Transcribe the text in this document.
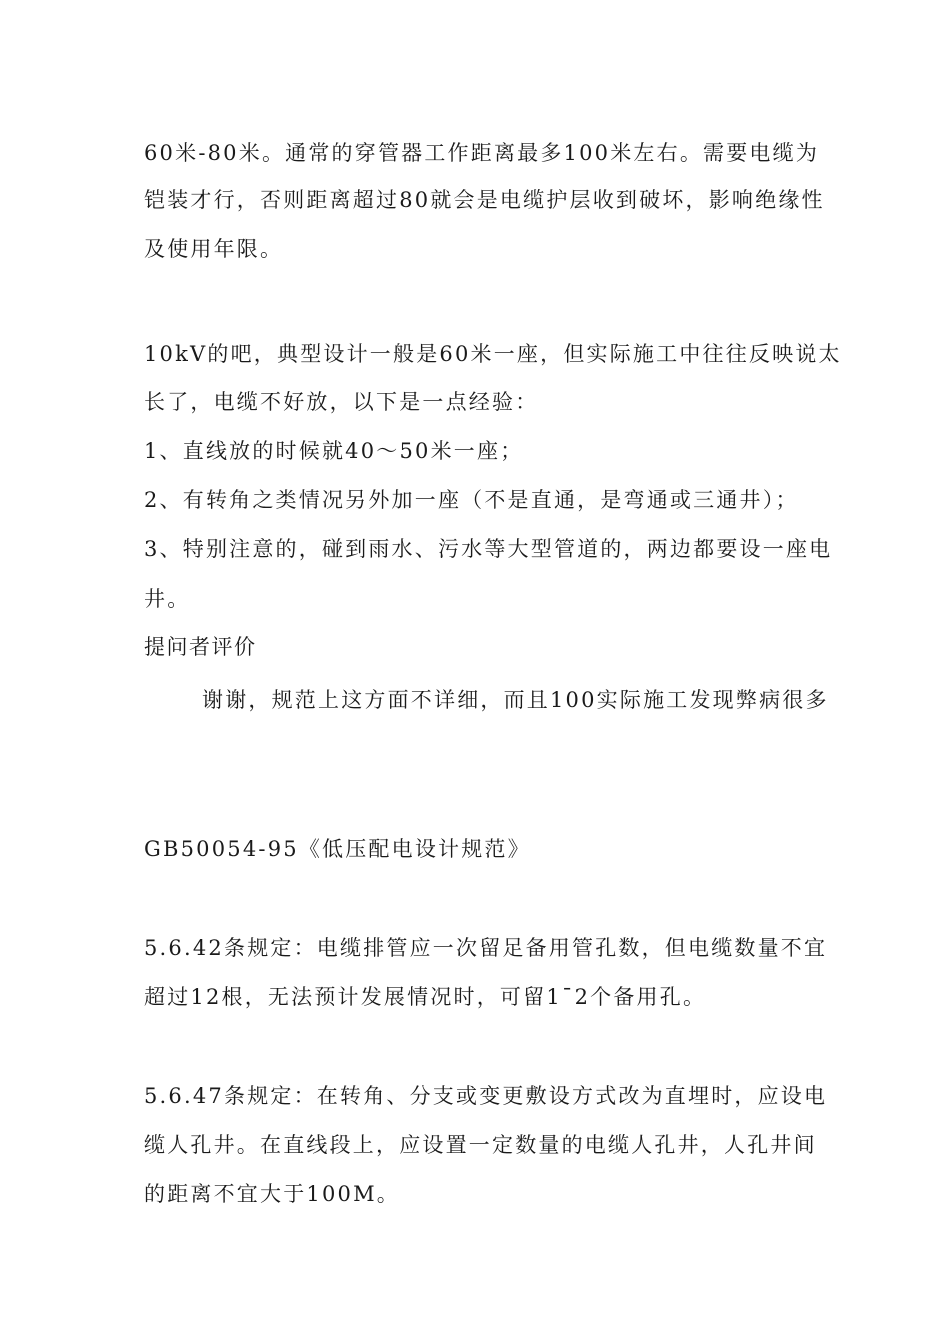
60米-80米。通常的穿管器工作距离最多100米左右。需要电缆为
铠装才行，否则距离超过80就会是电缆护层收到破坏，影响绝缘性
及使用年限。
10kV的吧，典型设计一般是60米一座，但实际施工中往往反映说太
长了，电缆不好放，以下是一点经验：
1、直线放的时候就40～50米一座；
2、有转角之类情况另外加一座（不是直通，是弯通或三通井）；
3、特别注意的，碰到雨水、污水等大型管道的，两边都要设一座电
井。
提问者评价
谢谢，规范上这方面不详细，而且100实际施工发现弊病很多
GB50054-95《低压配电设计规范》
5.6.42条规定：电缆排管应一次留足备用管孔数，但电缆数量不宜
超过12根，无法预计发展情况时，可留1¯2个备用孔。
5.6.47条规定：在转角、分支或变更敷设方式改为直埋时，应设电
缆人孔井。在直线段上，应设置一定数量的电缆人孔井，人孔井间
的距离不宜大于100M。
